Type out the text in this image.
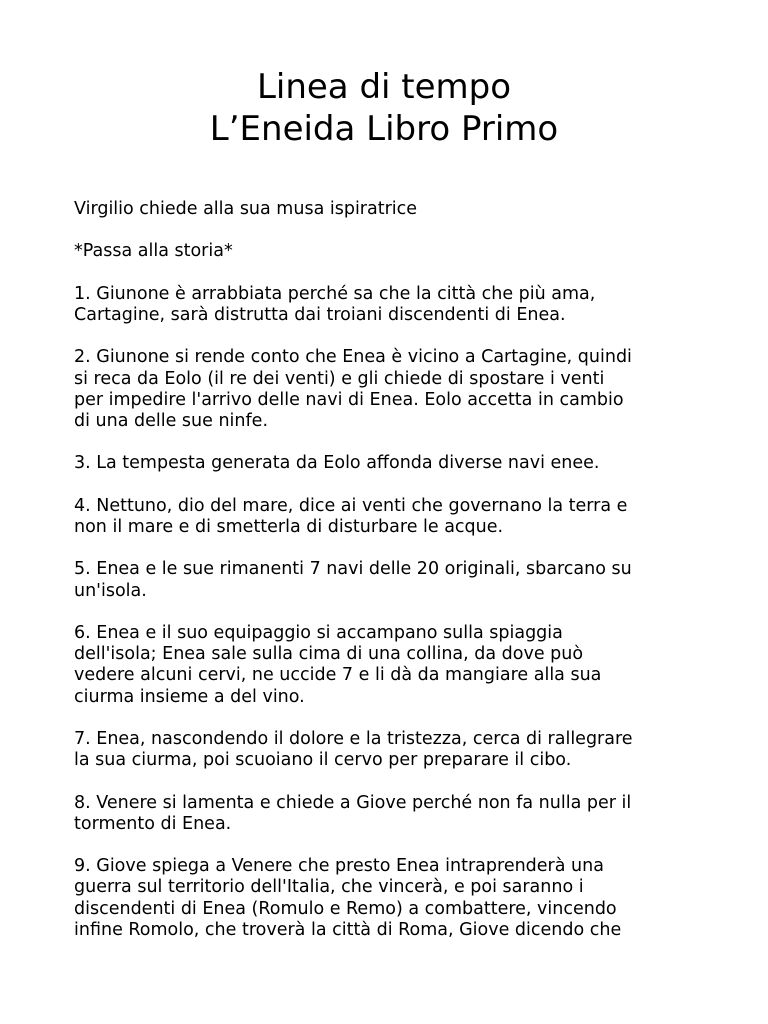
Linea di tempo
L’Eneida Libro Primo

Virgilio chiede alla sua musa ispiratrice

*Passa alla storia*

1. Giunone è arrabbiata perché sa che la città che più ama,
Cartagine, sarà distrutta dai troiani discendenti di Enea.

2. Giunone si rende conto che Enea è vicino a Cartagine, quindi
si reca da Eolo (il re dei venti) e gli chiede di spostare i venti
per impedire l'arrivo delle navi di Enea. Eolo accetta in cambio
di una delle sue ninfe.

3. La tempesta generata da Eolo affonda diverse navi enee.

4. Nettuno, dio del mare, dice ai venti che governano la terra e
non il mare e di smetterla di disturbare le acque.

5. Enea e le sue rimanenti 7 navi delle 20 originali, sbarcano su
un'isola.

6. Enea e il suo equipaggio si accampano sulla spiaggia
dell'isola; Enea sale sulla cima di una collina, da dove può
vedere alcuni cervi, ne uccide 7 e li dà da mangiare alla sua
ciurma insieme a del vino.

7. Enea, nascondendo il dolore e la tristezza, cerca di rallegrare
la sua ciurma, poi scuoiano il cervo per preparare il cibo.

8. Venere si lamenta e chiede a Giove perché non fa nulla per il
tormento di Enea.

9. Giove spiega a Venere che presto Enea intraprenderà una
guerra sul territorio dell'Italia, che vincerà, e poi saranno i
discendenti di Enea (Romulo e Remo) a combattere, vincendo
infine Romolo, che troverà la città di Roma, Giove dicendo che
